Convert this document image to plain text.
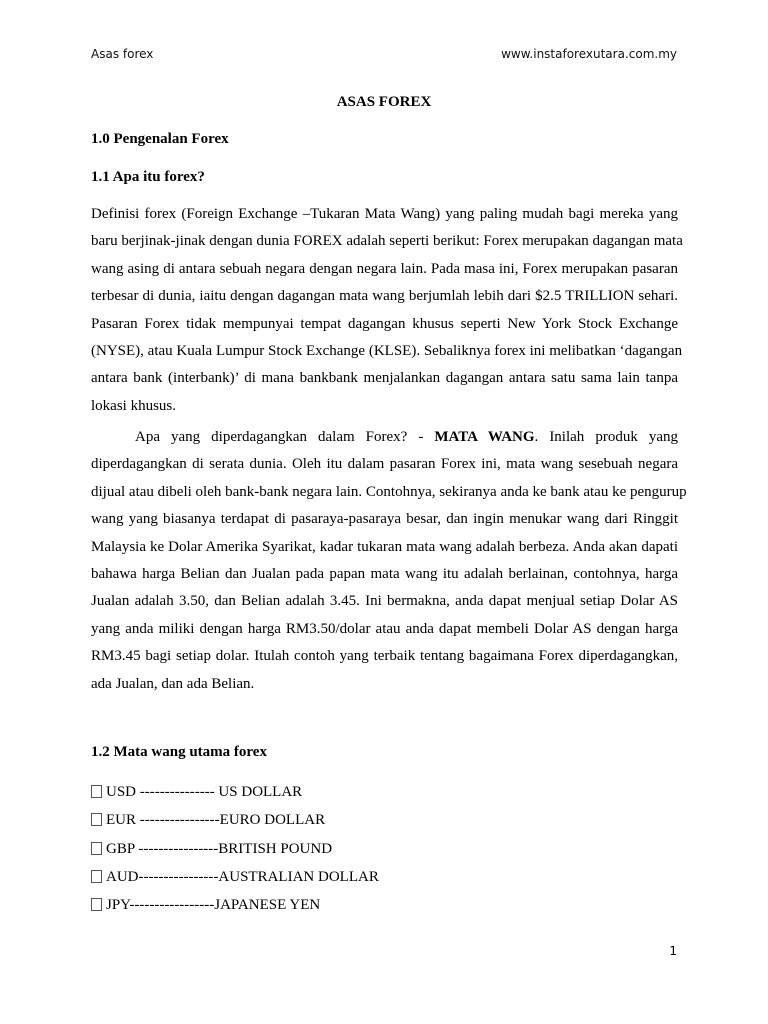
Asas forex	www.instaforexutara.com.my
ASAS FOREX
1.0 Pengenalan Forex
1.1 Apa itu forex?
Definisi forex (Foreign Exchange –Tukaran Mata Wang) yang paling mudah bagi mereka yang
baru berjinak-jinak dengan dunia FOREX adalah seperti berikut: Forex merupakan dagangan mata
wang asing di antara sebuah negara dengan negara lain. Pada masa ini, Forex merupakan pasaran
terbesar di dunia, iaitu dengan dagangan mata wang berjumlah lebih dari $2.5 TRILLION sehari.
Pasaran Forex tidak mempunyai tempat dagangan khusus seperti New York Stock Exchange
(NYSE), atau Kuala Lumpur Stock Exchange (KLSE). Sebaliknya forex ini melibatkan ‘dagangan
antara bank (interbank)’ di mana bankbank menjalankan dagangan antara satu sama lain tanpa
lokasi khusus.
Apa yang diperdagangkan dalam Forex? - MATA WANG. Inilah produk yang
diperdagangkan di serata dunia. Oleh itu dalam pasaran Forex ini, mata wang sesebuah negara
dijual atau dibeli oleh bank-bank negara lain. Contohnya, sekiranya anda ke bank atau ke pengurup
wang yang biasanya terdapat di pasaraya-pasaraya besar, dan ingin menukar wang dari Ringgit
Malaysia ke Dolar Amerika Syarikat, kadar tukaran mata wang adalah berbeza. Anda akan dapati
bahawa harga Belian dan Jualan pada papan mata wang itu adalah berlainan, contohnya, harga
Jualan adalah 3.50, dan Belian adalah 3.45. Ini bermakna, anda dapat menjual setiap Dolar AS
yang anda miliki dengan harga RM3.50/dolar atau anda dapat membeli Dolar AS dengan harga
RM3.45 bagi setiap dolar. Itulah contoh yang terbaik tentang bagaimana Forex diperdagangkan,
ada Jualan, dan ada Belian.
1.2 Mata wang utama forex
USD --------------- US DOLLAR
EUR ----------------EURO DOLLAR
GBP ----------------BRITISH POUND
AUD----------------AUSTRALIAN DOLLAR
JPY-----------------JAPANESE YEN
1
